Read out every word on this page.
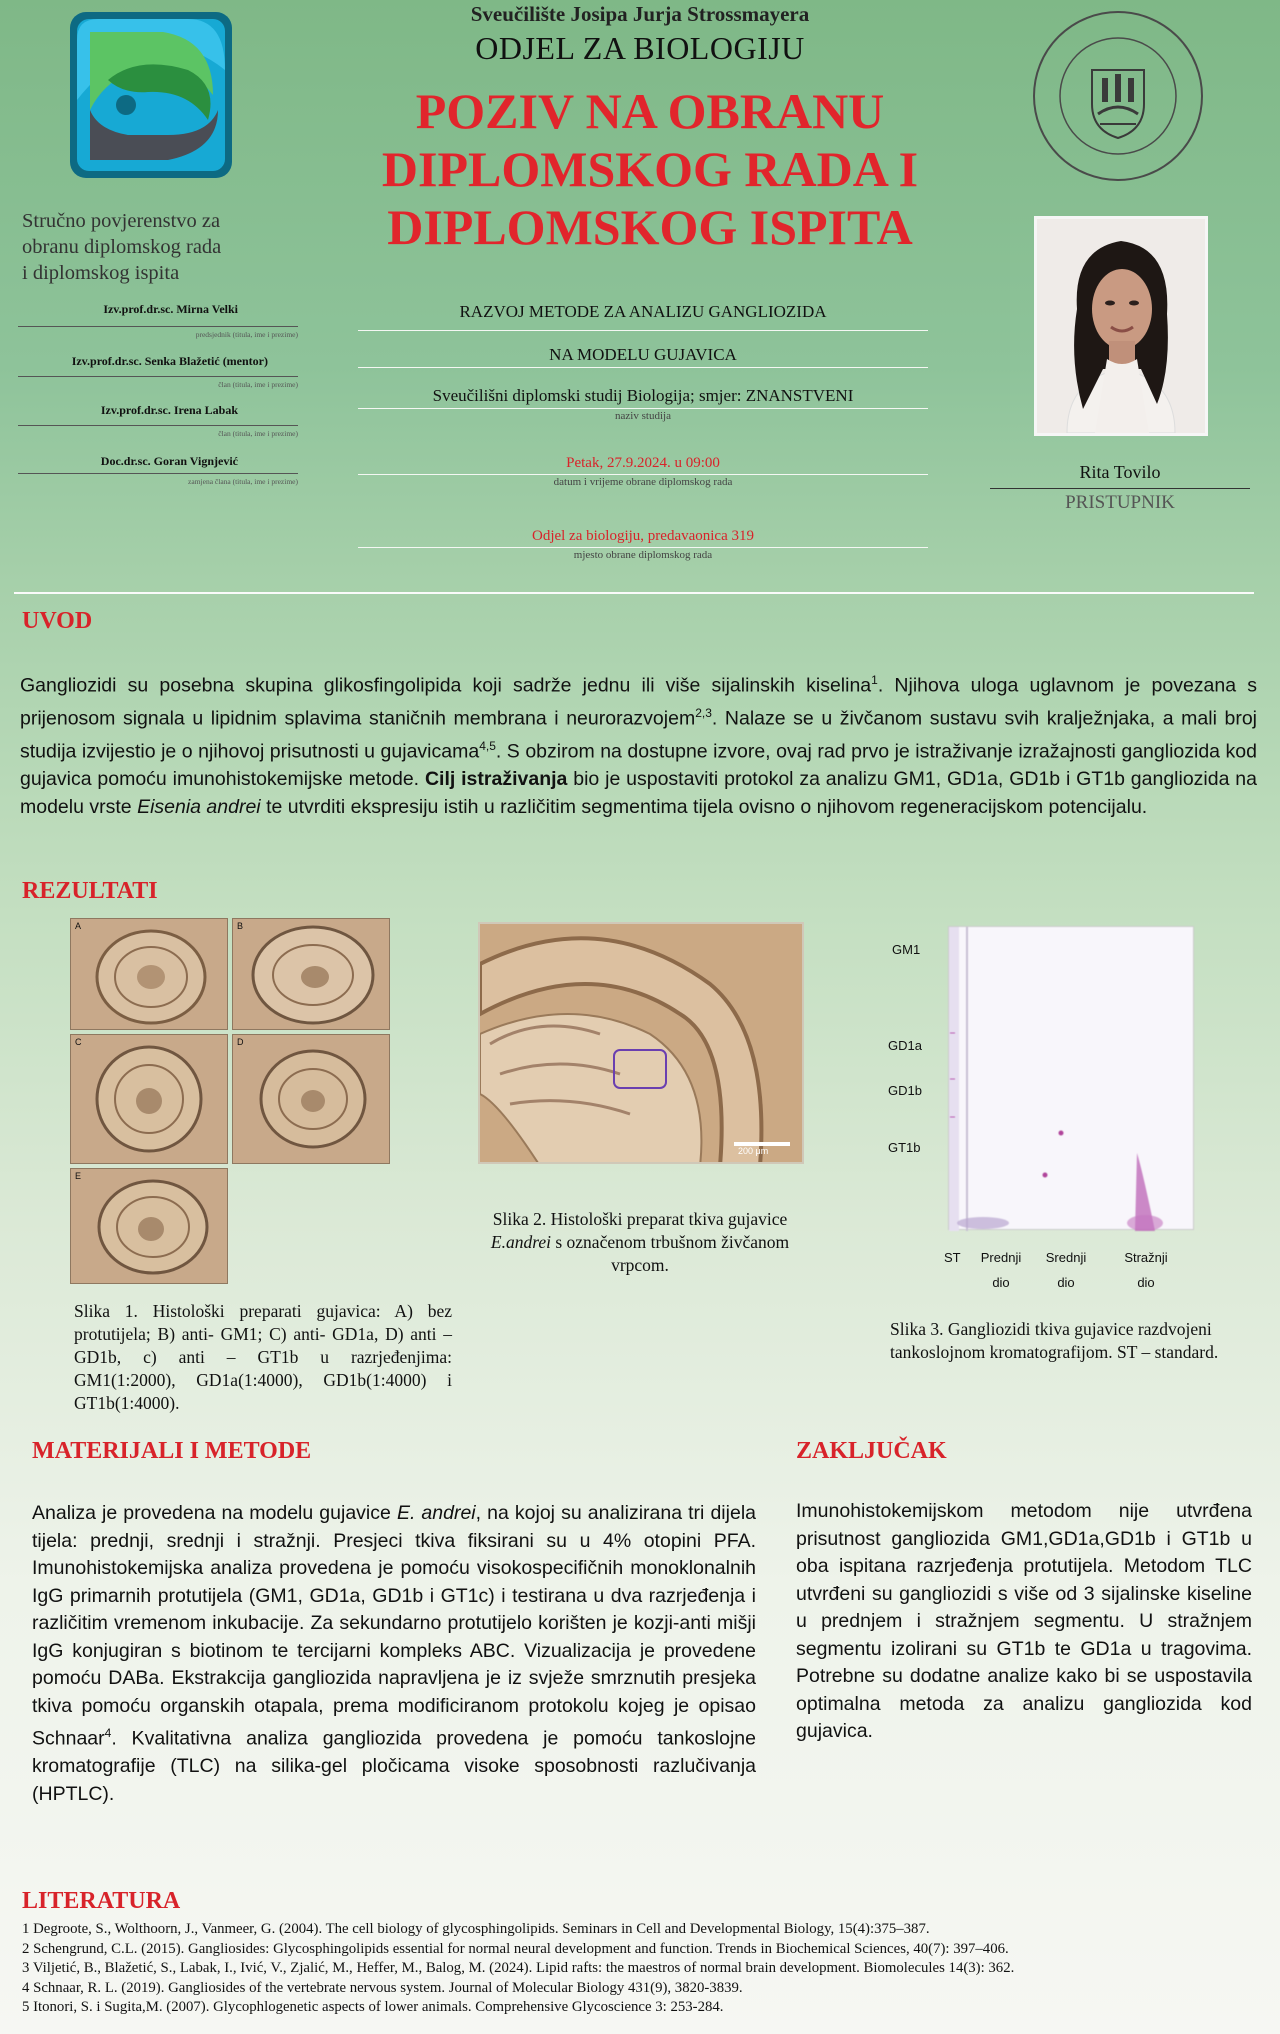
Sveučilište Josipa Jurja Strossmayera
ODJEL ZA BIOLOGIJU
POZIV NA OBRANU
DIPLOMSKOG RADA I
DIPLOMSKOG ISPITA
Stručno povjerenstvo za
obranu diplomskog rada
i diplomskog ispita
Izv.prof.dr.sc. Mirna Velki
predsjednik (titula, ime i prezime)
Izv.prof.dr.sc. Senka Blažetić (mentor)
član (titula, ime i prezime)
Izv.prof.dr.sc. Irena Labak
član (titula, ime i prezime)
Doc.dr.sc. Goran Vignjević
zamjena člana (titula, ime i prezime)
RAZVOJ METODE ZA ANALIZU GANGLIOZIDA
NA MODELU GUJAVICA
Sveučilišni diplomski studij Biologija; smjer: ZNANSTVENI
naziv studija
Petak, 27.9.2024. u 09:00
datum i vrijeme obrane diplomskog rada
Odjel za biologiju, predavaonica 319
mjesto obrane diplomskog rada
Rita Tovilo
PRISTUPNIK
UVOD
Gangliozidi su posebna skupina glikosfingolipida koji sadrže jednu ili više sijalinskih kiselina$^1$. Njihova uloga uglavnom je povezana s prijenosom signala u lipidnim splavima staničnih membrana i neurorazvojem$^{2,3}$. Nalaze se u živčanom sustavu svih kralježnjaka, a mali broj studija izvijestio je o njihovoj prisutnosti u gujavicama$^{4,5}$. S obzirom na dostupne izvore, ovaj rad prvo je istraživanje izražajnosti gangliozida kod gujavica pomoću imunohistokemijske metode. Cilj istraživanja bio je uspostaviti protokol za analizu GM1, GD1a, GD1b i GT1b gangliozida na modelu vrste Eisenia andrei te utvrditi ekspresiju istih u različitim segmentima tijela ovisno o njihovom regeneracijskom potencijalu.
REZULTATI
A	B
C	D
E
Slika 1. Histološki preparati gujavica: A) bez protutijela; B) anti- GM1; C) anti- GD1a, D) anti – GD1b, c) anti – GT1b u razrjeđenjima: GM1(1:2000), GD1a(1:4000), GD1b(1:4000) i GT1b(1:4000).
200 μm
Slika 2. Histološki preparat tkiva gujavice E.andrei s označenom trbušnom živčanom vrpcom.
GM1
GD1a
GD1b
GT1b
ST	Prednji
dio
Srednji
dio
Stražnji
dio
Slika 3. Gangliozidi tkiva gujavice razdvojeni tankoslojnom kromatografijom. ST – standard.
MATERIJALI I METODE
Analiza je provedena na modelu gujavice E. andrei, na kojoj su analizirana tri dijela tijela: prednji, srednji i stražnji. Presjeci tkiva fiksirani su u 4% otopini PFA. Imunohistokemijska analiza provedena je pomoću visokospecifičnih monoklonalnih IgG primarnih protutijela (GM1, GD1a, GD1b i GT1c) i testirana u dva razrjeđenja i različitim vremenom inkubacije. Za sekundarno protutijelo korišten je kozji-anti mišji IgG konjugiran s biotinom te tercijarni kompleks ABC. Vizualizacija je provedene pomoću DABa. Ekstrakcija gangliozida napravljena je iz svježe smrznutih presjeka tkiva pomoću organskih otapala, prema modificiranom protokolu kojeg je opisao Schnaar$^4$. Kvalitativna analiza gangliozida provedena je pomoću tankoslojne kromatografije (TLC) na silika-gel pločicama visoke sposobnosti razlučivanja (HPTLC).
ZAKLJUČAK
Imunohistokemijskom metodom nije utvrđena prisutnost gangliozida GM1,GD1a,GD1b i GT1b u oba ispitana razrjeđenja protutijela. Metodom TLC utvrđeni su gangliozidi s više od 3 sijalinske kiseline u prednjem i stražnjem segmentu. U stražnjem segmentu izolirani su GT1b te GD1a u tragovima. Potrebne su dodatne analize kako bi se uspostavila optimalna metoda za analizu gangliozida kod gujavica.
LITERATURA
1 Degroote, S., Wolthoorn, J., Vanmeer, G. (2004). The cell biology of glycosphingolipids. Seminars in Cell and Developmental Biology, 15(4):375–387.
2 Schengrund, C.L. (2015). Gangliosides: Glycosphingolipids essential for normal neural development and function. Trends in Biochemical Sciences, 40(7): 397–406.
3 Viljetić, B., Blažetić, S., Labak, I., Ivić, V., Zjalić, M., Heffer, M., Balog, M. (2024). Lipid rafts: the maestros of normal brain development. Biomolecules 14(3): 362.
4 Schnaar, R. L. (2019). Gangliosides of the vertebrate nervous system. Journal of Molecular Biology 431(9), 3820-3839.
5 Itonori, S. i Sugita,M. (2007). Glycophlogenetic aspects of lower animals. Comprehensive Glycoscience 3: 253-284.
